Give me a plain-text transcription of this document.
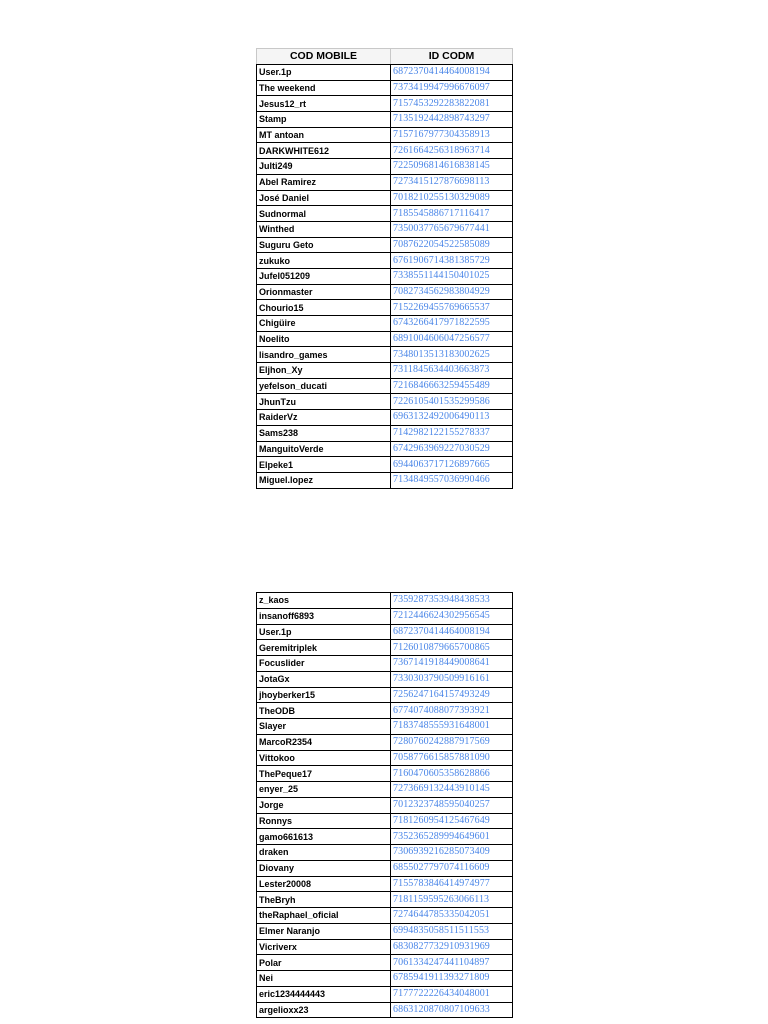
COD MOBILE	ID CODM
User.1p	6872370414464008194
The weekend	7373419947996676097
Jesus12_rt	7157453292283822081
Stamp	7135192442898743297
MT antoan	7157167977304358913
DARKWHITE612	7261664256318963714
Julti249	7225096814616838145
Abel Ramirez	7273415127876698113
José Daniel	7018210255130329089
Sudnormal	7185545886717116417
Winthed	7350037765679677441
Suguru Geto	7087622054522585089
zukuko	6761906714381385729
Jufel051209	7338551144150401025
Orionmaster	7082734562983804929
Chourio15	7152269455769665537
Chigüire	6743266417971822595
Noelito	6891004606047256577
lisandro_games	7348013513183002625
Eljhon_Xy	7311845634403663873
yefelson_ducati	7216846663259455489
JhunTzu	7226105401535299586
RaiderVz	6963132492006490113
Sams238	7142982122155278337
ManguitoVerde	6742963969227030529
Elpeke1	6944063717126897665
Miguel.lopez	7134849557036990466
z_kaos	7359287353948438533
insanoff6893	7212446624302956545
User.1p	6872370414464008194
Geremitriplek	7126010879665700865
Focuslider	7367141918449008641
JotaGx	7330303790509916161
jhoyberker15	7256247164157493249
TheODB	6774074088077393921
Slayer	7183748555931648001
MarcoR2354	7280760242887917569
Vittokoo	7058776615857881090
ThePeque17	7160470605358628866
enyer_25	7273669132443910145
Jorge	7012323748595040257
Ronnys	7181260954125467649
gamo661613	7352365289994649601
draken	7306939216285073409
Diovany	6855027797074116609
Lester20008	7155783846414974977
TheBryh	7181159595263066113
theRaphael_oficial	7274644785335042051
Elmer Naranjo	6994835058511511553
Vicriverx	6830827732910931969
Polar	7061334247441104897
Nei	6785941911393271809
eric1234444443	7177722226434048001
argelioxx23	6863120870807109633
